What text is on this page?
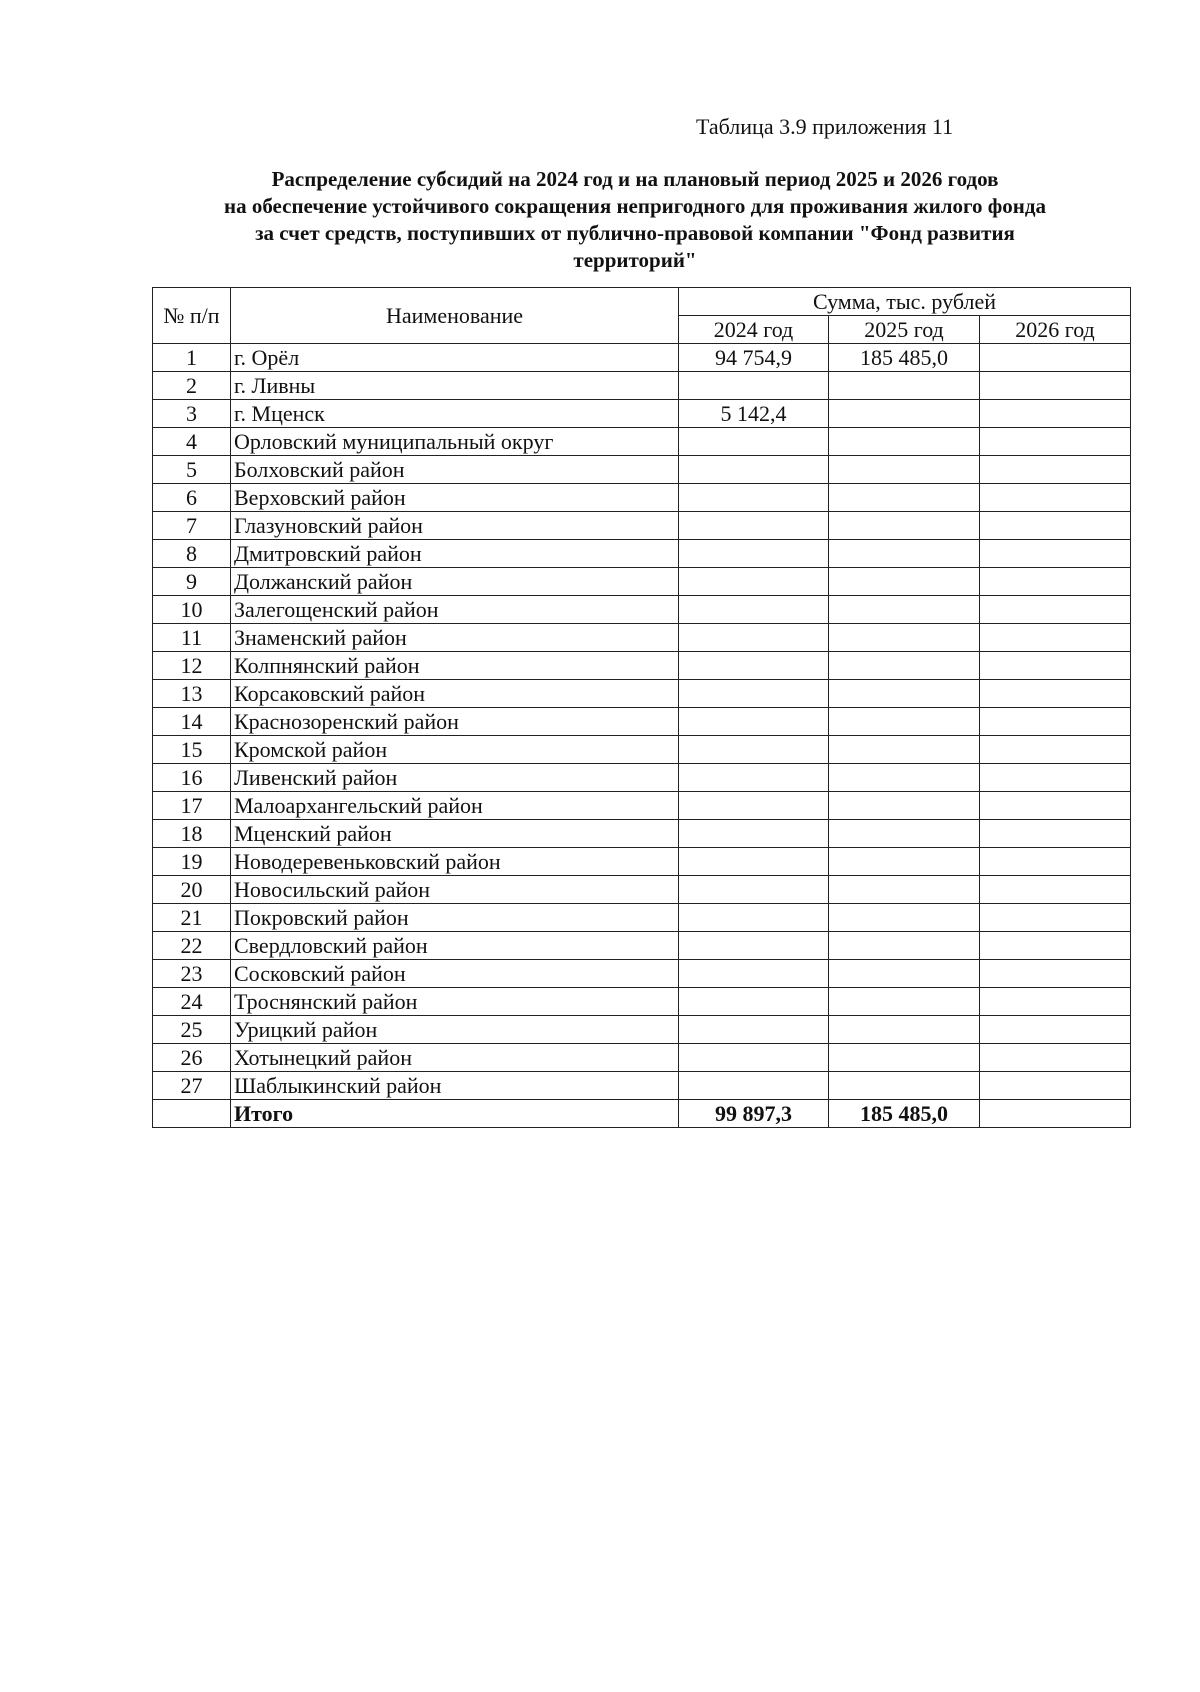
Таблица 3.9 приложения 11
Распределение субсидий на 2024 год и на плановый период 2025 и 2026 годов
на обеспечение устойчивого сокращения непригодного для проживания жилого фонда
за счет средств, поступивших от публично-правовой компании "Фонд развития
территорий"
№ п/п	Наименование	Сумма, тыс. рублей		
		2024 год	2025 год	2026 год
1	г. Орёл	94 754,9	185 485,0	
2	г. Ливны			
3	г. Мценск	5 142,4		
4	Орловский муниципальный округ			
5	Болховский район			
6	Верховский район			
7	Глазуновский район			
8	Дмитровский район			
9	Должанский район			
10	Залегощенский район			
11	Знаменский район			
12	Колпнянский район			
13	Корсаковский район			
14	Краснозоренский район			
15	Кромской район			
16	Ливенский район			
17	Малоархангельский район			
18	Мценский район			
19	Новодеревеньковский район			
20	Новосильский район			
21	Покровский район			
22	Свердловский район			
23	Сосковский район			
24	Троснянский район			
25	Урицкий район			
26	Хотынецкий район			
27	Шаблыкинский район			
	Итого	99 897,3	185 485,0	
